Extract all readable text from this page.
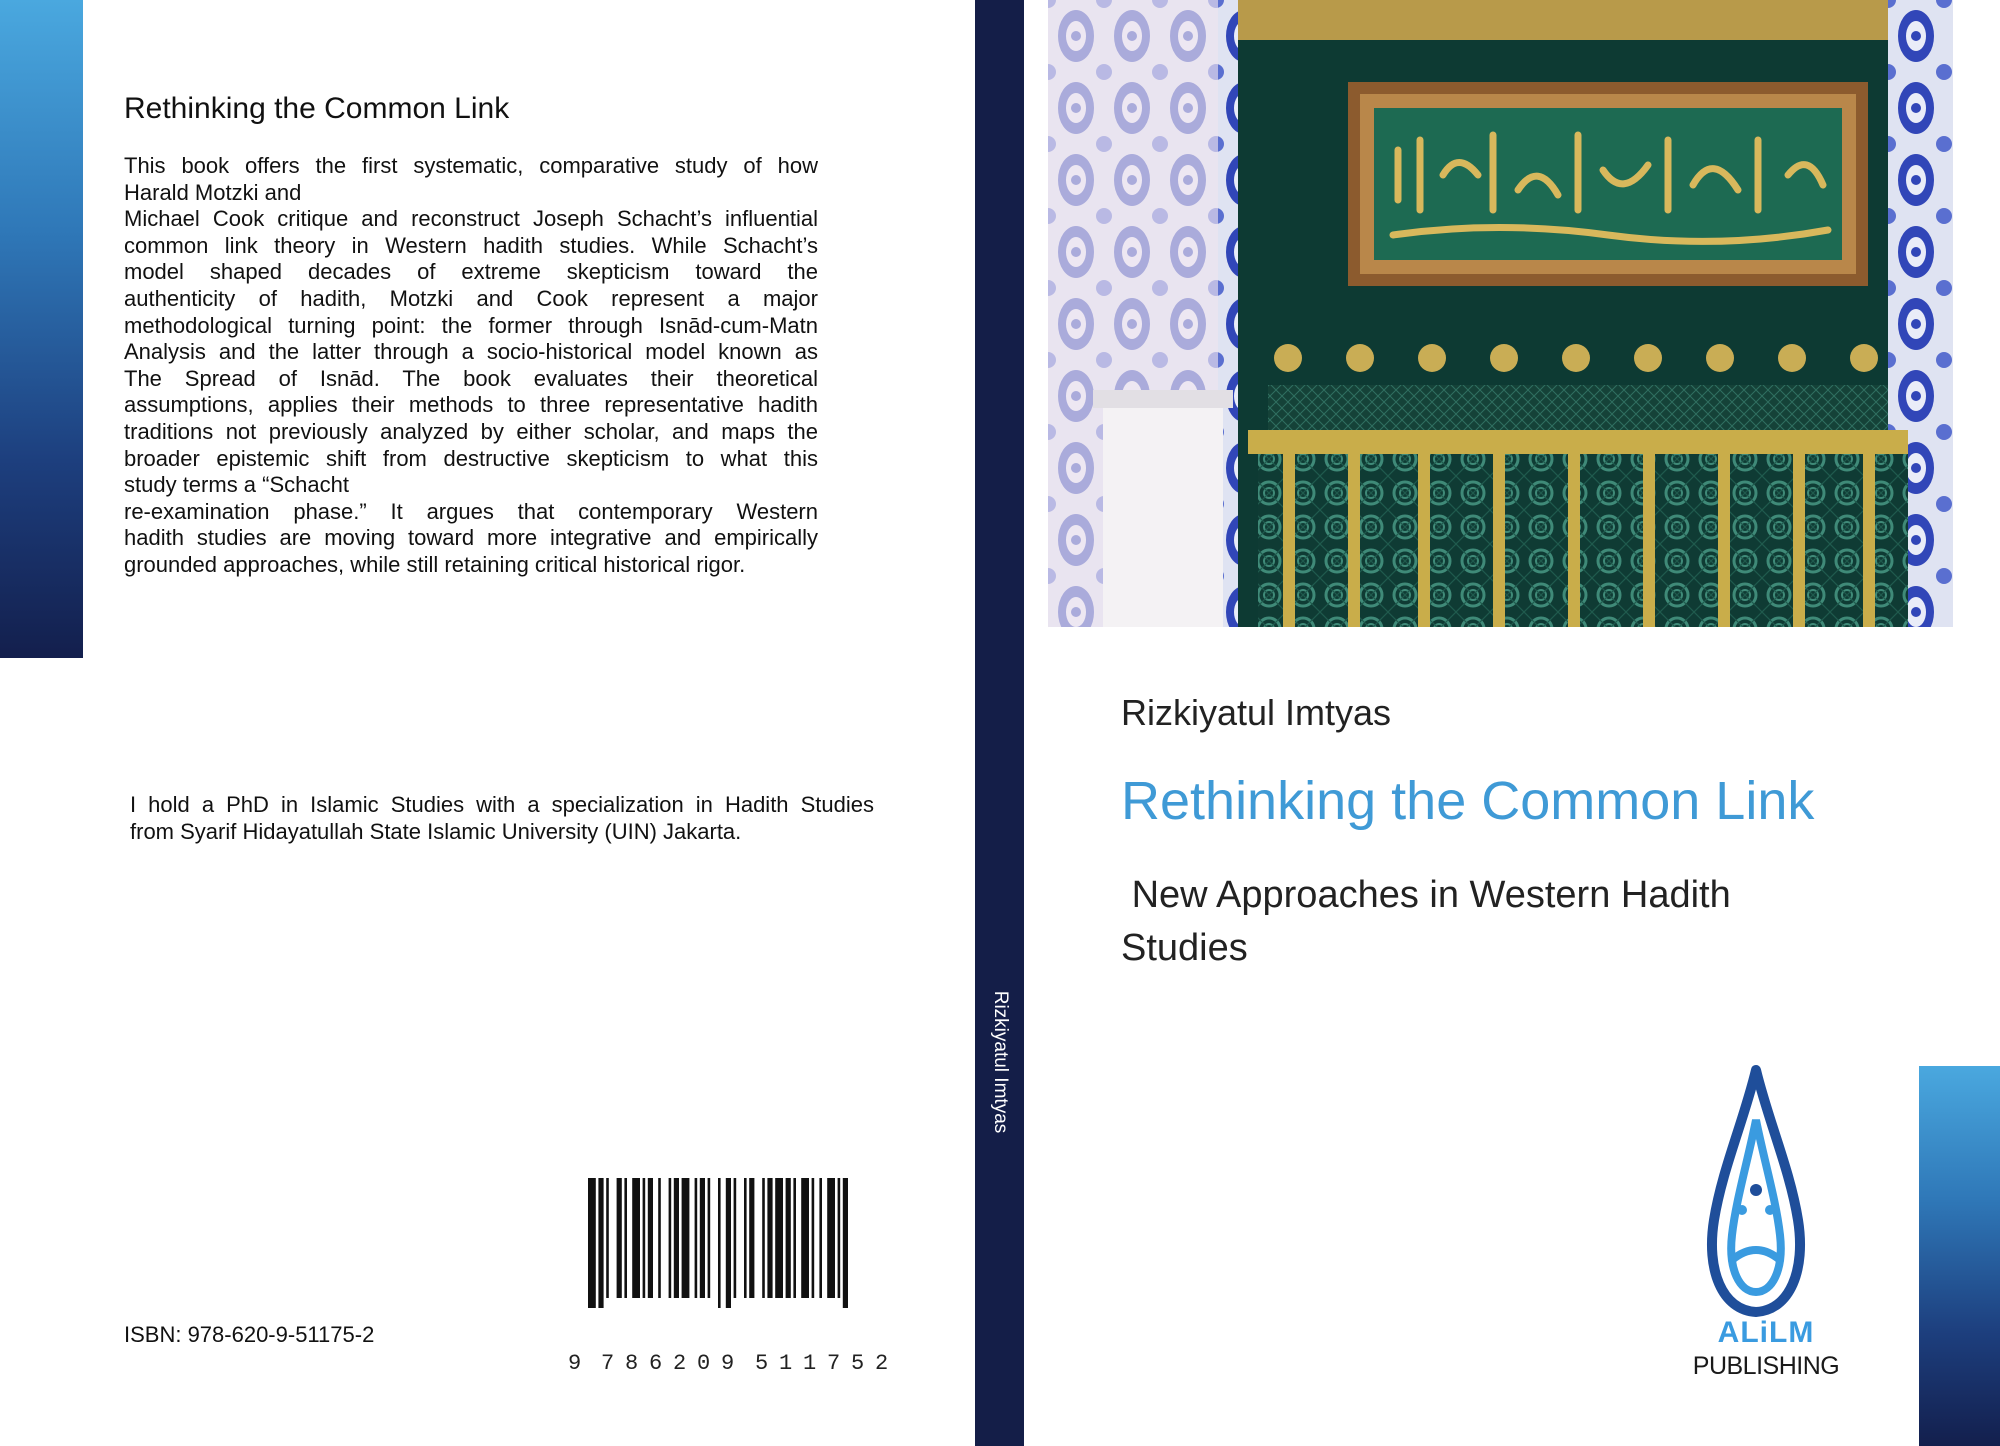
Rethinking the Common Link

This book offers the first systematic, comparative study of how
Harald Motzki and
Michael Cook critique and reconstruct Joseph Schacht’s influential
common link theory in Western hadith studies. While Schacht’s
model shaped decades of extreme skepticism toward the
authenticity of hadith, Motzki and Cook represent a major
methodological turning point: the former through Isnād-cum-Matn
Analysis and the latter through a socio-historical model known as
The Spread of Isnād. The book evaluates their theoretical
assumptions, applies their methods to three representative hadith
traditions not previously analyzed by either scholar, and maps the
broader epistemic shift from destructive skepticism to what this
study terms a “Schacht
re-examination phase.” It argues that contemporary Western
hadith studies are moving toward more integrative and empirically
grounded approaches, while still retaining critical historical rigor.

I hold a PhD in Islamic Studies with a specialization in Hadith Studies
from Syarif Hidayatullah State Islamic University (UIN) Jakarta.

9 7 8 6 2 0 9 5 1 1 7 5 2
ISBN: 978-620-9-51175-2
Rizkiyatul Imtyas
Rizkiyatul Imtyas
Rethinking the Common Link
New Approaches in Western Hadith
Studies
ALiLM
PUBLISHING
